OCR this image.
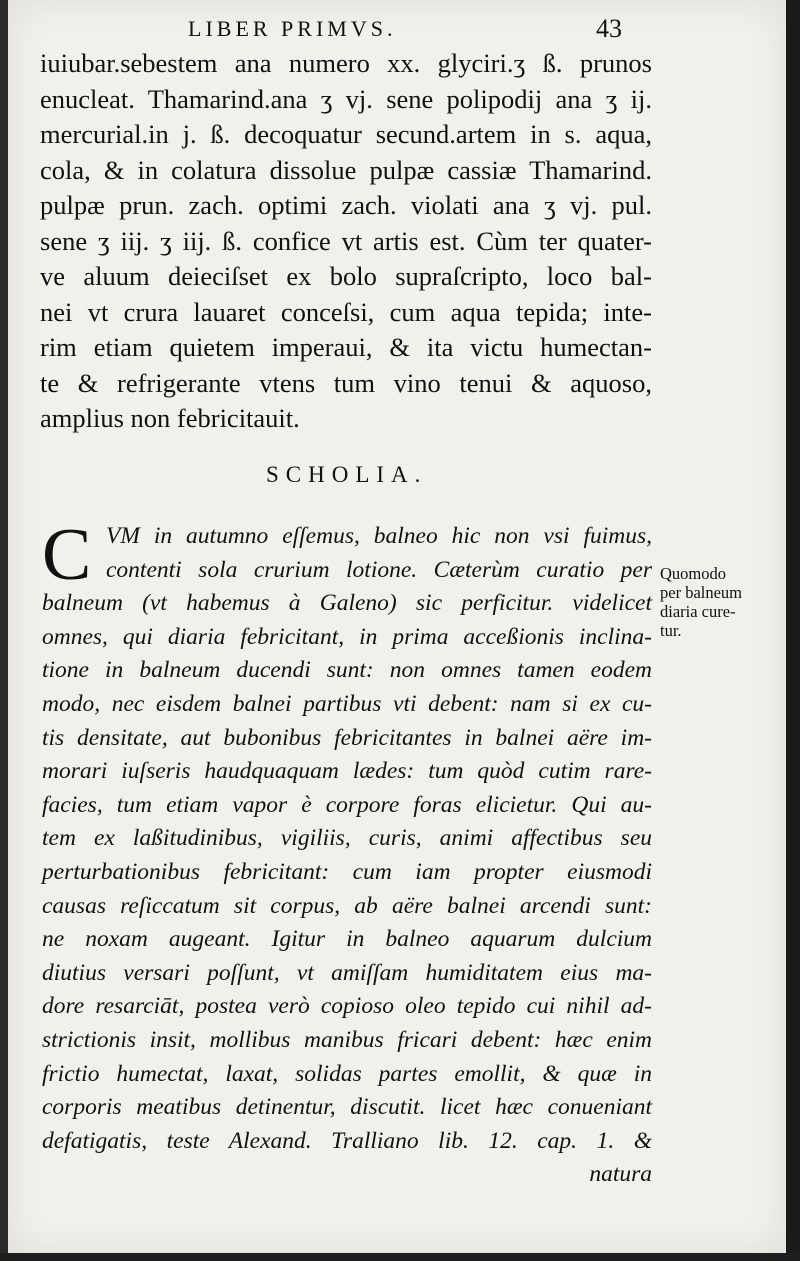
LIBER PRIMVS.	43
iuiubar.sebestem ana numero xx. glyciri.ʒ ß. prunos
enucleat. Thamarind.ana ʒ vj. sene polipodij ana ʒ ij.
mercurial.in j. ß. decoquatur secund.artem in s. aqua,
cola, & in colatura dissolue pulpæ cassiæ Thamarind.
pulpæ prun. zach. optimi zach. violati ana ʒ vj. pul.
sene ʒ iij. ʒ iij. ß. confice vt artis est. Cùm ter quater-
ve aluum deieciſset ex bolo supraſcripto, loco bal-
nei vt crura lauaret conceſsi, cum aqua tepida; inte-
rim etiam quietem imperaui, & ita victu humectan-
te & refrigerante vtens tum vino tenui & aquoso,
amplius non febricitauit.
SCHOLIA.
C VM in autumno eſſemus, balneo hic non vsi fuimus,
contenti sola crurium lotione. Cæterùm curatio per
balneum (vt habemus à Galeno) sic perficitur. videlicet
omnes, qui diaria febricitant, in prima acceßionis inclina-
tione in balneum ducendi sunt: non omnes tamen eodem
modo, nec eisdem balnei partibus vti debent: nam si ex cu-
tis densitate, aut bubonibus febricitantes in balnei aëre im-
morari iuſseris haudquaquam lædes: tum quòd cutim rare-
facies, tum etiam vapor è corpore foras elicietur. Qui au-
tem ex laßitudinibus, vigiliis, curis, animi affectibus seu
perturbationibus febricitant: cum iam propter eiusmodi
causas reſiccatum sit corpus, ab aëre balnei arcendi sunt:
ne noxam augeant. Igitur in balneo aquarum dulcium
diutius versari poſſunt, vt amiſſam humiditatem eius ma-
dore resarciāt, postea verò copioso oleo tepido cui nihil ad-
strictionis insit, mollibus manibus fricari debent: hæc enim
frictio humectat, laxat, solidas partes emollit, & quæ in
corporis meatibus detinentur, discutit. licet hæc conueniant
defatigatis, teste Alexand. Tralliano lib. 12. cap. 1. &
natura
Quomodo
per balneum
diaria cure-
tur.
